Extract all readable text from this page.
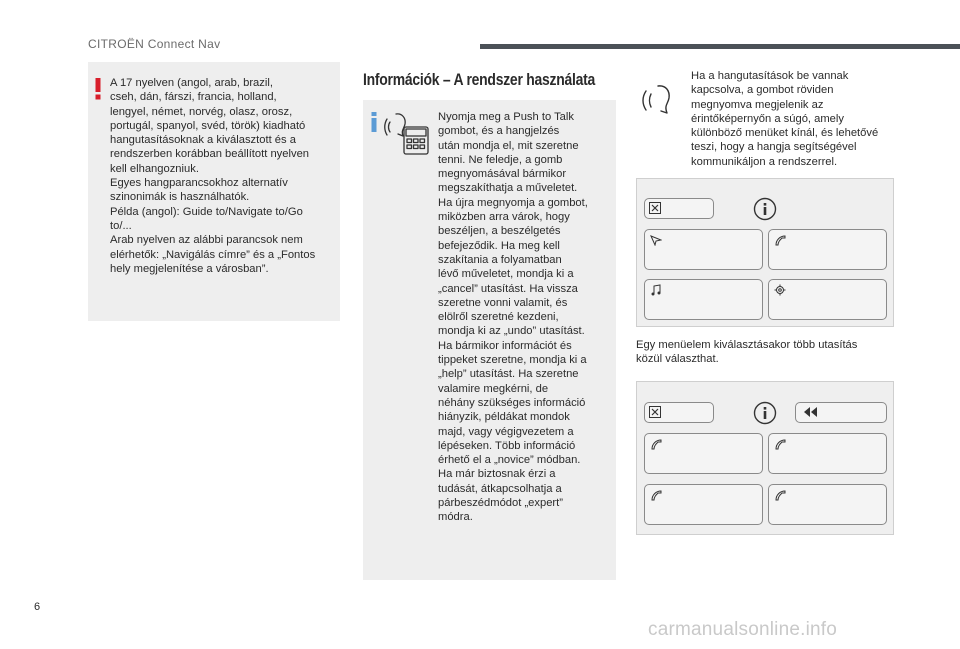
CITROËN Connect Nav
A 17 nyelven (angol, arab, brazil,
cseh, dán, fárszi, francia, holland,
lengyel, német, norvég, olasz, orosz,
portugál, spanyol, svéd, török) kiadható
hangutasításoknak a kiválasztott és a
rendszerben korábban beállított nyelven
kell elhangozniuk.
Egyes hangparancsokhoz alternatív
szinonimák is használhatók.
Példa (angol): Guide to/Navigate to/Go
to/...
Arab nyelven az alábbi parancsok nem
elérhetők: „Navigálás címre” és a „Fontos
hely megjelenítése a városban”.
Információk – A rendszer használata
Nyomja meg a Push to Talk
gombot, és a hangjelzés
után mondja el, mit szeretne
tenni. Ne feledje, a gomb
megnyomásával bármikor
megszakíthatja a műveletet.
Ha újra megnyomja a gombot,
miközben arra várok, hogy
beszéljen, a beszélgetés
befejeződik. Ha meg kell
szakítania a folyamatban
lévő műveletet, mondja ki a
„cancel” utasítást. Ha vissza
szeretne vonni valamit, és
elölről szeretné kezdeni,
mondja ki az „undo” utasítást.
Ha bármikor információt és
tippeket szeretne, mondja ki a
„help” utasítást. Ha szeretne
valamire megkérni, de
néhány szükséges információ
hiányzik, példákat mondok
majd, vagy végigvezetem a
lépéseken. Több információ
érhető el a „novice” módban.
Ha már biztosnak érzi a
tudását, átkapcsolhatja a
párbeszédmódot „expert”
módra.
Ha a hangutasítások be vannak
kapcsolva, a gombot röviden
megnyomva megjelenik az
érintőképernyőn a súgó, amely
különböző menüket kínál, és lehetővé
teszi, hogy a hangja segítségével
kommunikáljon a rendszerrel.
Egy menüelem kiválasztásakor több utasítás
közül választhat.
6
carmanualsonline.info
